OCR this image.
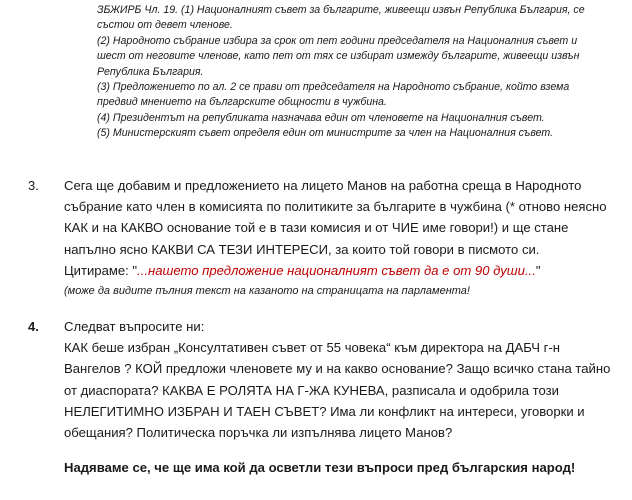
ЗБЖИРБ Чл. 19. (1) Националният съвет за българите, живеещи извън Република България, се състои от девет членове.

(2) Народното събрание избира за срок от пет години председателя на Националния съвет и шест от неговите членове, като пет от тях се избират измежду българите, живеещи извън Република България.

(3) Предложението по ал. 2 се прави от председателя на Народното събрание, който взема предвид мнението на българските общности в чужбина.

(4) Президентът на републиката назначава един от членовете на Националния съвет.

(5) Министерският съвет определя един от министрите за член на Националния съвет.

3. Сега ще добавим и предложението на лицето Манов на работна среща в Народното събрание като член в комисията по политиките за българите в чужбина (* отново неясно КАК и на КАКВО основание той е в тази комисия и от ЧИЕ име говори!) и ще стане напълно ясно КАКВИ СА ТЕЗИ ИНТЕРЕСИ, за които той говори в писмото си.

Цитираме: "...нашето предложение националният съвет да е от 90 души..."

(може да видите пълния текст на казаното на страницата на парламента!

4. Следват въпросите ни:

КАК беше избран „Консултативен съвет от 55 човека“ към директора на ДАБЧ г-н Вангелов ? КОЙ предложи членовете му и на какво основание? Защо всичко стана тайно от диаспората? КАКВА Е РОЛЯТА НА Г-ЖА КУНЕВА, разписала и одобрила този НЕЛЕГИТИМНО ИЗБРАН И ТАЕН СЪВЕТ? Има ли конфликт на интереси, уговорки и обещания? Политическа поръчка ли изпълнява лицето Манов?

Надяваме се, че ще има кой да осветли тези въпроси пред българския народ!
